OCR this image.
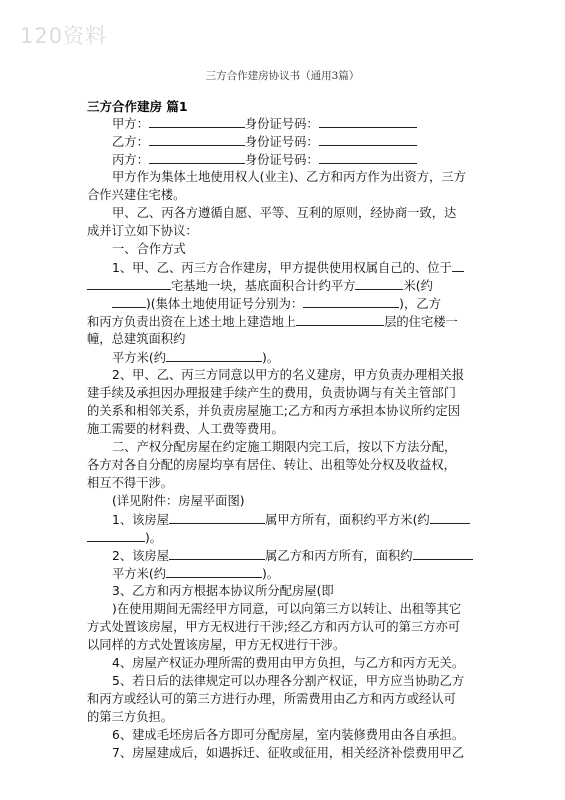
120资料
三方合作建房协议书（通用3篇）
三方合作建房 篇1
甲方：	身份证号码：
乙方：	身份证号码：
丙方：	身份证号码：
甲方作为集体土地使用权人(业主)、乙方和丙方作为出资方，三方
合作兴建住宅楼。
甲、乙、丙各方遵循自愿、平等、互利的原则，经协商一致，达
成并订立如下协议：
一、合作方式
1、甲、乙、丙三方合作建房，甲方提供使用权属自己的、位于
宅基地一块，基底面积合计约平方	米(约
)(集体土地使用证号分别为：	)，乙方
和丙方负责出资在上述土地上建造地上	层的住宅楼一
幢，总建筑面积约
平方米(约	)。
2、甲、乙、丙三方同意以甲方的名义建房，甲方负责办理相关报
建手续及承担因办理报建手续产生的费用，负责协调与有关主管部门
的关系和相邻关系，并负责房屋施工;乙方和丙方承担本协议所约定因
施工需要的材料费、人工费等费用。
二、产权分配房屋在约定施工期限内完工后，按以下方法分配，
各方对各自分配的房屋均享有居住、转让、出租等处分权及收益权，
相互不得干涉。
(详见附件：房屋平面图)
1、该房屋	属甲方所有，面积约平方米(约
)。
2、该房屋	属乙方和丙方所有，面积约
平方米(约	)。
3、乙方和丙方根据本协议所分配房屋(即
)在使用期间无需经甲方同意，可以向第三方以转让、出租等其它
方式处置该房屋，甲方无权进行干涉;经乙方和丙方认可的第三方亦可
以同样的方式处置该房屋，甲方无权进行干涉。
4、房屋产权证办理所需的费用由甲方负担，与乙方和丙方无关。
5、若日后的法律规定可以办理各分割产权证，甲方应当协助乙方
和丙方或经认可的第三方进行办理，所需费用由乙方和丙方或经认可
的第三方负担。
6、建成毛坯房后各方即可分配房屋，室内装修费用由各自承担。
7、房屋建成后，如遇拆迁、征收或征用，相关经济补偿费用甲乙
